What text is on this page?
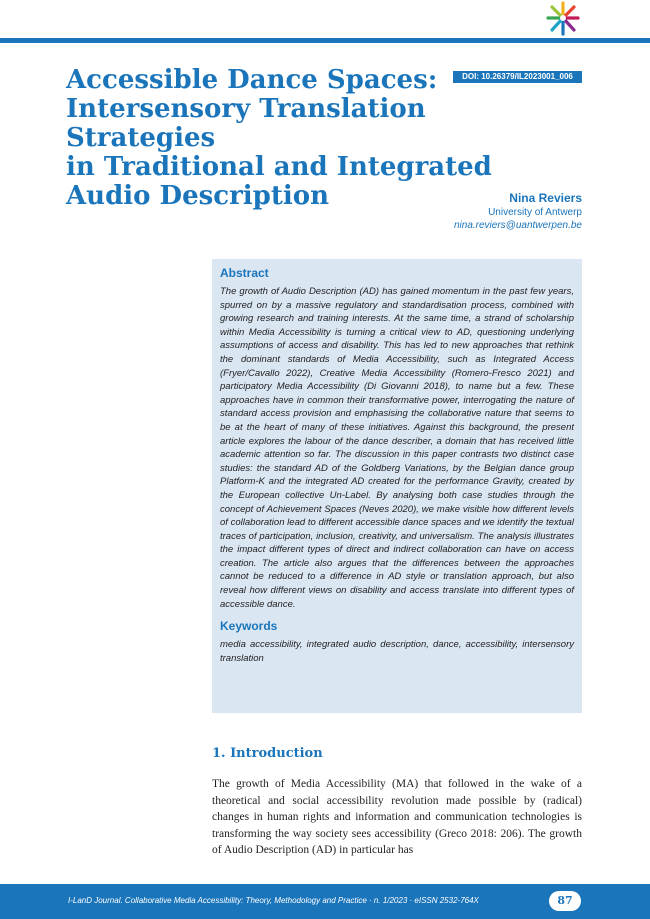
DOI: 10.26379/IL2023001_006
Accessible Dance Spaces:
Intersensory Translation Strategies
in Traditional and Integrated
Audio Description	Nina Reviers
University of Antwerp
nina.reviers@uantwerpen.be

Abstract

The growth of Audio Description (AD) has gained momentum in the past few years, spurred on by a massive regulatory and standardisation process, combined with growing research and training interests. At the same time, a strand of scholarship within Media Accessibility is turning a critical view to AD, questioning underlying assumptions of access and disability. This has led to new approaches that rethink the dominant standards of Media Accessibility, such as Integrated Access (Fryer/Cavallo 2022), Creative Media Accessibility (Romero-Fresco 2021) and participatory Media Accessibility (Di Giovanni 2018), to name but a few. These approaches have in common their transformative power, interrogating the nature of standard access provision and emphasising the collaborative nature that seems to be at the heart of many of these initiatives. Against this background, the present article explores the labour of the dance describer, a domain that has received little academic attention so far. The discussion in this paper contrasts two distinct case studies: the standard AD of the Goldberg Variations, by the Belgian dance group Platform-K and the integrated AD created for the performance Gravity, created by the European collective Un-Label. By analysing both case studies through the concept of Achievement Spaces (Neves 2020), we make visible how different levels of collaboration lead to different accessible dance spaces and we identify the textual traces of participation, inclusion, creativity, and universalism. The analysis illustrates the impact different types of direct and indirect collaboration can have on access creation. The article also argues that the differences between the approaches cannot be reduced to a difference in AD style or translation approach, but also reveal how different views on disability and access translate into different types of accessible dance.

Keywords

media accessibility, integrated audio description, dance, accessibility, intersensory translation

1. Introduction

The growth of Media Accessibility (MA) that followed in the wake of a theoretical and social accessibility revolution made possible by (radical) changes in human rights and information and communication technologies is transforming the way society sees accessibility (Greco 2018: 206). The growth of Audio Description (AD) in particular has

I-LanD Journal. Collaborative Media Accessibility: Theory, Methodology and Practice · n. 1/2023 · eISSN 2532-764X	87
